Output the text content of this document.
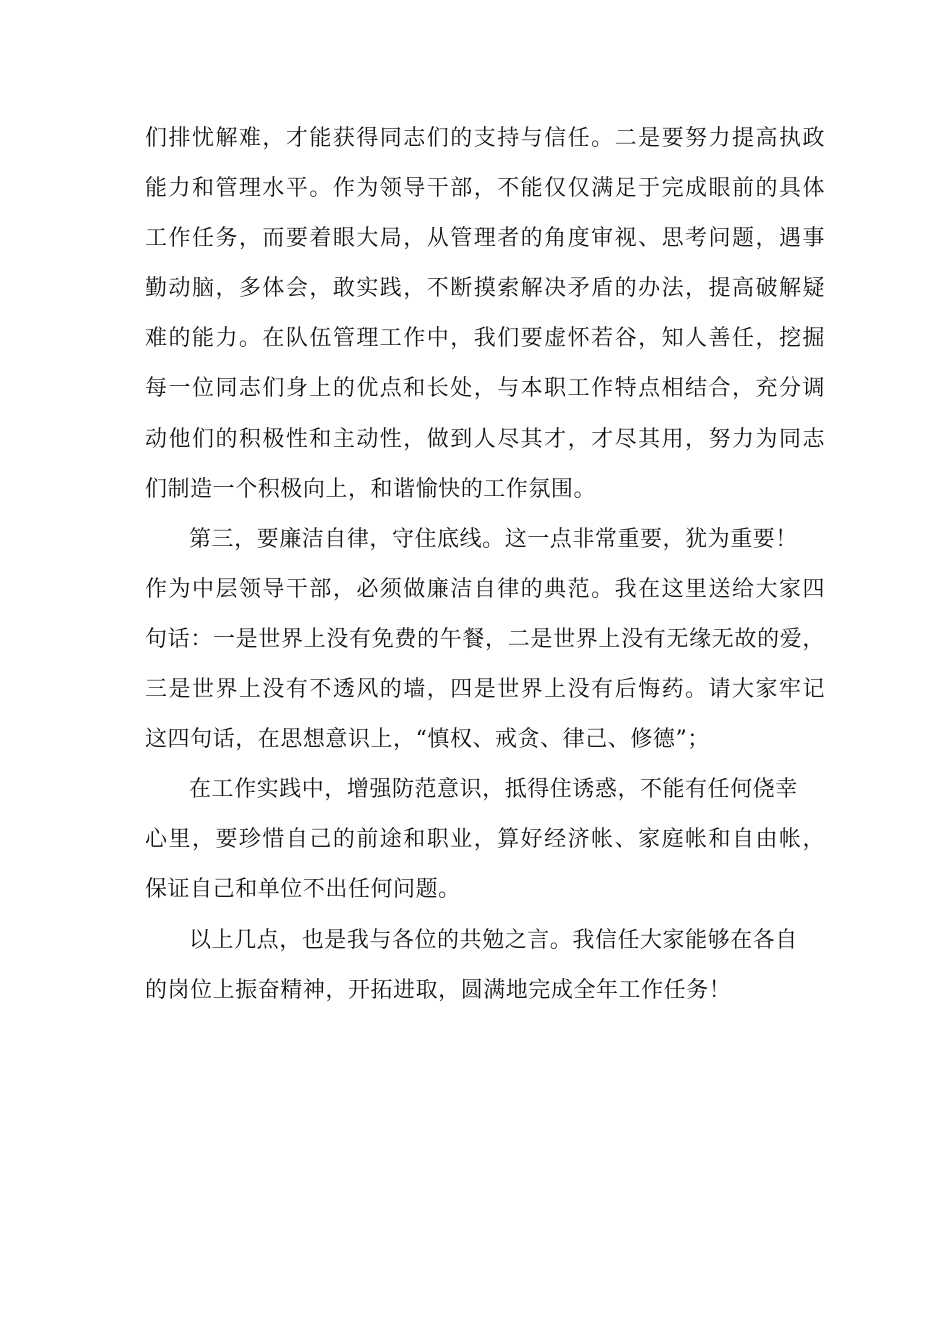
们排忧解难，才能获得同志们的支持与信任。二是要努力提高执政
能力和管理水平。作为领导干部，不能仅仅满足于完成眼前的具体
工作任务，而要着眼大局，从管理者的角度审视、思考问题，遇事
勤动脑，多体会，敢实践，不断摸索解决矛盾的办法，提高破解疑
难的能力。在队伍管理工作中，我们要虚怀若谷，知人善任，挖掘
每一位同志们身上的优点和长处，与本职工作特点相结合，充分调
动他们的积极性和主动性，做到人尽其才，才尽其用，努力为同志
们制造一个积极向上，和谐愉快的工作氛围。
第三，要廉洁自律，守住底线。这一点非常重要，犹为重要！
作为中层领导干部，必须做廉洁自律的典范。我在这里送给大家四
句话：一是世界上没有免费的午餐，二是世界上没有无缘无故的爱，
三是世界上没有不透风的墙，四是世界上没有后悔药。请大家牢记
这四句话，在思想意识上，“慎权、戒贪、律己、修德”；
在工作实践中，增强防范意识，抵得住诱惑，不能有任何侥幸
心里，要珍惜自己的前途和职业，算好经济帐、家庭帐和自由帐，
保证自己和单位不出任何问题。
以上几点，也是我与各位的共勉之言。我信任大家能够在各自
的岗位上振奋精神，开拓进取，圆满地完成全年工作任务！
